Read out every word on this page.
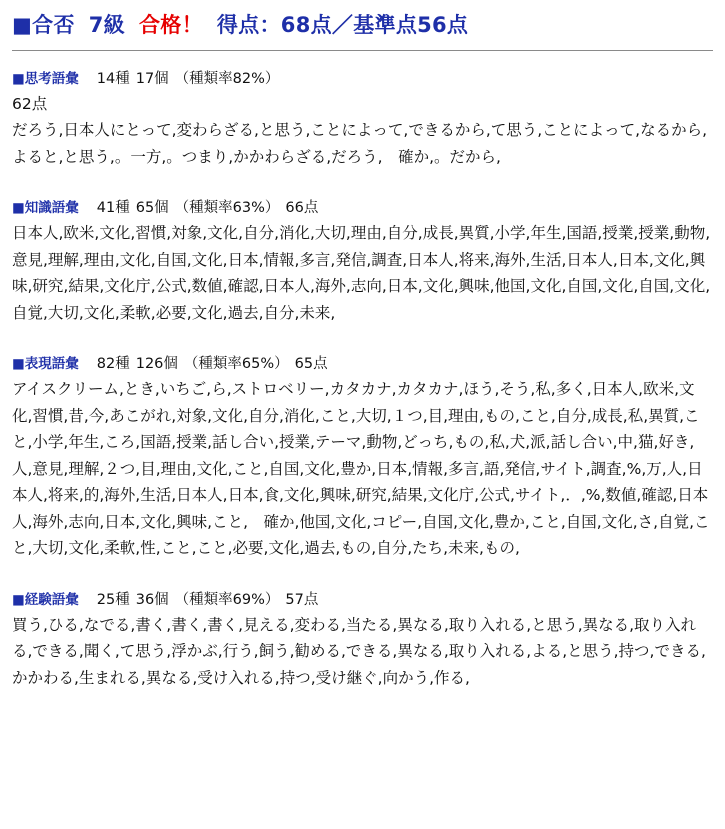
■合否 7級 合格！ 得点：68点／基準点56点
■思考語彙 14種 17個 （種類率82%）
62点
だろう,日本人にとって,変わらざる,と思う,ことによって,できるから,て思う,ことによって,なるから,よると,と思う,。一方,。つまり,かかわらざる,だろう,　確か,。だから,
■知識語彙 41種 65個 （種類率63%） 66点
日本人,欧米,文化,習慣,対象,文化,自分,消化,大切,理由,自分,成長,異質,小学,年生,国語,授業,授業,動物,意見,理解,理由,文化,自国,文化,日本,情報,多言,発信,調査,日本人,将来,海外,生活,日本人,日本,文化,興味,研究,結果,文化庁,公式,数値,確認,日本人,海外,志向,日本,文化,興味,他国,文化,自国,文化,自国,文化,自覚,大切,文化,柔軟,必要,文化,過去,自分,未来,
■表現語彙 82種 126個 （種類率65%） 65点
アイスクリーム,とき,いちご,ら,ストロベリー,カタカナ,カタカナ,ほう,そう,私,多く,日本人,欧米,文化,習慣,昔,今,あこがれ,対象,文化,自分,消化,こと,大切,１つ,目,理由,もの,こと,自分,成長,私,異質,こと,小学,年生,ころ,国語,授業,話し合い,授業,テーマ,動物,どっち,もの,私,犬,派,話し合い,中,猫,好き,人,意見,理解,２つ,目,理由,文化,こと,自国,文化,豊か,日本,情報,多言,語,発信,サイト,調査,%,万,人,日本人,将来,的,海外,生活,日本人,日本,食,文化,興味,研究,結果,文化庁,公式,サイト,．,%,数値,確認,日本人,海外,志向,日本,文化,興味,こと,　確か,他国,文化,コピー,自国,文化,豊か,こと,自国,文化,さ,自覚,こと,大切,文化,柔軟,性,こと,こと,必要,文化,過去,もの,自分,たち,未来,もの,
■経験語彙 25種 36個 （種類率69%） 57点
買う,ひる,なでる,書く,書く,書く,見える,変わる,当たる,異なる,取り入れる,と思う,異なる,取り入れる,できる,聞く,て思う,浮かぶ,行う,飼う,勧める,できる,異なる,取り入れる,よる,と思う,持つ,できる,かかわる,生まれる,異なる,受け入れる,持つ,受け継ぐ,向かう,作る,
